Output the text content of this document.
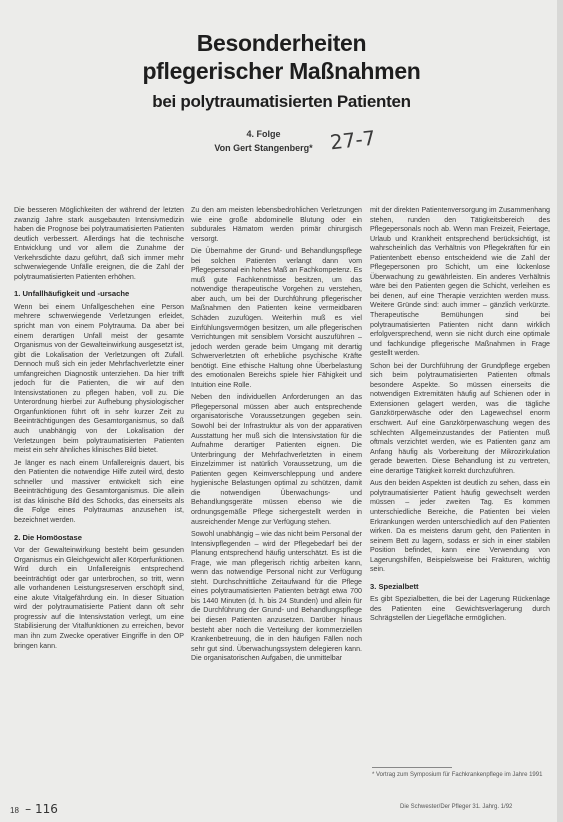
Besonderheiten
pflegerischer Maßnahmen
bei polytraumatisierten Patienten
4. Folge
Von Gert Stangenberg* 27-7

Die besseren Möglichkeiten der während der letzten zwanzig Jahre stark ausgebauten Intensivmedizin haben die Prognose bei polytraumatisierten Patienten deutlich verbessert. Allerdings hat die technische Entwicklung und vor allem die Zunahme der Verkehrsdichte dazu geführt, daß sich immer mehr schwerwiegende Unfälle ereignen, die die Zahl der polytraumatisierten Patienten erhöhen.

1. Unfallhäufigkeit und -ursache

Wenn bei einem Unfallgeschehen eine Person mehrere schwerwiegende Verletzungen erleidet, spricht man von einem Polytrauma. Da aber bei einem derartigen Unfall meist der gesamte Organismus von der Gewalteinwirkung ausgesetzt ist, gibt die Lokalisation der Verletzungen oft Zufall. Dennoch muß sich ein jeder Mehrfachverletzte einer umfangreichen Diagnostik unterziehen. Da hier trifft jedoch für die Patienten, die wir auf den Intensivstationen zu pflegen haben, voll zu. Die Unterordnung hierbei zur Aufhebung physiologischer Organfunktionen führt oft in sehr kurzer Zeit zu Beeinträchtigungen des Gesamtorganismus, so daß auch unabhängig von der Lokalisation der Verletzungen beim polytraumatisierten Patienten meist ein sehr ähnliches klinisches Bild bietet.

Je länger es nach einem Unfallereignis dauert, bis den Patienten die notwendige Hilfe zuteil wird, desto schneller und massiver entwickelt sich eine Beeinträchtigung des Gesamtorganismus. Die allein ist das klinische Bild des Schocks, das einerseits als die Folge eines Polytraumas anzusehen ist, bezeichnet werden.

2. Die Homöostase

Vor der Gewalteinwirkung besteht beim gesunden Organismus ein Gleichgewicht aller Körperfunktionen. Wird durch ein Unfallereignis entsprechend beeinträchtigt oder gar unterbrochen, so tritt, wenn alle vorhandenen Leistungsreserven erschöpft sind, eine akute Vitalgefährdung ein. In dieser Situation wird der polytraumatisierte Patient dann oft sehr progressiv auf die Intensivstation verlegt, um eine Stabilisierung der Vitalfunktionen zu erreichen, bevor man ihn zum Zwecke operativer Eingriffe in den OP bringen kann.

Zu den am meisten lebensbedrohlichen Verletzungen wie eine große abdominelle Blutung oder ein subdurales Hämatom werden primär chirurgisch versorgt.

Die Übernahme der Grund- und Behandlungspflege bei solchen Patienten verlangt dann vom Pflegepersonal ein hohes Maß an Fachkompetenz. Es muß gute Fachkenntnisse besitzen, um das notwendige therapeutische Vorgehen zu verstehen, aber auch, um bei der Durchführung pflegerischer Maßnahmen den Patienten keine vermeidbaren Schäden zuzufügen. Weiterhin muß es viel Einfühlungsvermögen besitzen, um alle pflegerischen Verrichtungen mit sensiblem Vorsicht auszuführen – jedoch werden gerade beim Umgang mit derartig Schwerverletzten oft erhebliche psychische Kräfte benötigt. Eine ethische Haltung ohne Überbelastung des emotionalen Bereichs spiele hier Fähigkeit und Intuition eine Rolle.

Neben den individuellen Anforderungen an das Pflegepersonal müssen aber auch entsprechende organisatorische Voraussetzungen gegeben sein. Sowohl bei der Infrastruktur als von der apparativen Ausstattung her muß sich die Intensivstation für die Aufnahme derartiger Patienten eignen. Die Unterbringung der Mehrfachverletzten in einem Einzelzimmer ist natürlich Voraussetzung, um die Patienten gegen Keimverschleppung und andere hygienische Belastungen optimal zu schützen, damit die notwendigen Überwachungs- und Behandlungsgeräte müssen ebenso wie die ordnungsgemäße Pflege sichergestellt werden in ausreichender Menge zur Verfügung stehen.

Sowohl unabhängig – wie das nicht beim Personal der Intensivpflegenden – wird der Pflegebedarf bei der Planung entsprechend häufig unterschätzt. Es ist die Frage, wie man pflegerisch richtig arbeiten kann, wenn das notwendige Personal nicht zur Verfügung steht. Durchschnittliche Zeitaufwand für die Pflege eines polytraumatisierten Patienten beträgt etwa 700 bis 1440 Minuten (d. h. bis 24 Stunden) und allein für die Durchführung der Grund- und Behandlungspflege bei diesen Patienten anzusetzen. Darüber hinaus besteht aber noch die Verteilung der kommerziellen Krankenbetreuung, die in den häufigen Fällen noch sehr gut sind. Überwachungssystem delegieren kann. Die organisatorischen Aufgaben, die unmittelbar

mit der direkten Patientenversorgung im Zusammenhang stehen, runden den Tätigkeitsbereich des Pflegepersonals noch ab. Wenn man Freizeit, Feiertage, Urlaub und Krankheit entsprechend berücksichtigt, ist wahrscheinlich das Verhältnis von Pflegekräften für ein Patientenbett ebenso entscheidend wie die Zahl der Pflegepersonen pro Schicht, um eine lückenlose Überwachung zu gewährleisten. Ein anderes Verhältnis wäre bei den Patienten gegen die Schicht, verleihen es bei denen, auf eine Therapie verzichten werden muss. Weitere Gründe sind: auch immer – gänzlich verkürzte. Therapeutische Bemühungen sind bei polytraumatisierten Patienten nicht dann wirklich erfolgversprechend, wenn sie nicht durch eine optimale und fachkundige pflegerische Maßnahmen in Frage gestellt werden.

Schon bei der Durchführung der Grundpflege ergeben sich beim polytraumatisierten Patienten oftmals besondere Aspekte. So müssen einerseits die notwendigen Extremitäten häufig auf Schienen oder in Extensionen gelagert werden, was die tägliche Ganzkörperwäsche oder den Lagewechsel enorm erschwert. Auf eine Ganzkörperwaschung wegen des schlechten Allgemeinzustandes der Patienten muß oftmals verzichtet werden, wie es Patienten ganz am Anfang häufig als Vorbereitung der Mikrozirkulation gerade bewerten. Diese Behandlung ist zu vertreten, eine derartige Tätigkeit korrekt durchzuführen.

Aus den beiden Aspekten ist deutlich zu sehen, dass ein polytraumatisierter Patient häufig gewechselt werden müssen – jeder zweiten Tag. Es kommen unterschiedliche Bereiche, die Patienten bei vielen Erkrankungen werden unterschiedlich auf den Patienten wirken. Da es meistens darum geht, den Patienten in seinem Bett zu lagern, sodass er sich in einer stabilen Position befindet, kann eine Verwendung von Lagerungshilfen, Beispielsweise bei Frakturen, wichtig sein.

3. Spezialbett

Es gibt Spezialbetten, die bei der Lagerung Rückenlage des Patienten eine Gewichtsverlagerung durch Schrägstellen der Liegefläche ermöglichen.

* Vortrag zum Symposium für Fachkrankenpflege im Jahre 1991
18 – 116	Die Schwester/Der Pfleger 31. Jahrg. 1/92
